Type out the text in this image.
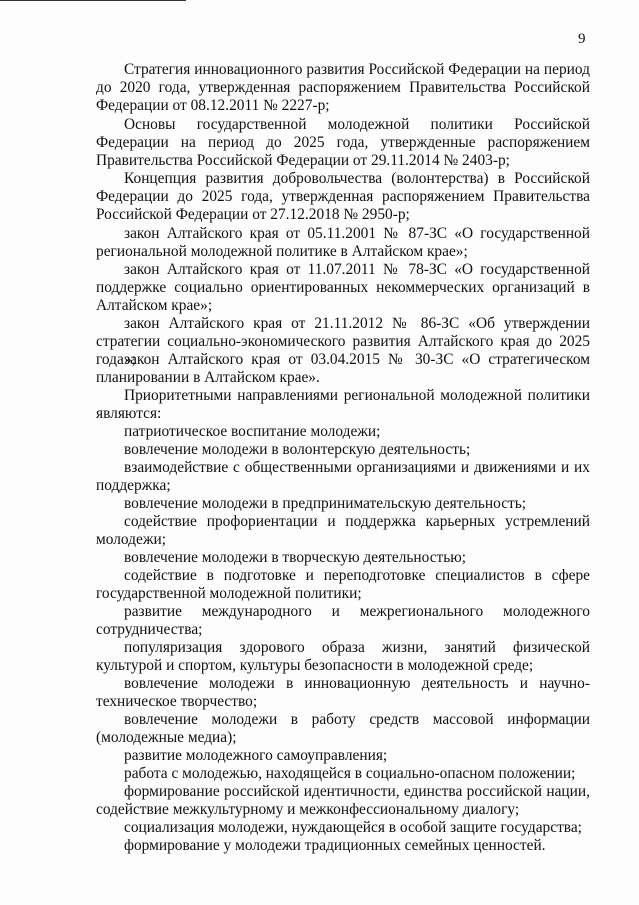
9

Стратегия инновационного развития Российской Федерации на период до 2020 года, утвержденная распоряжением Правительства Российской Федерации от 08.12.2011 № 2227-р;

Основы государственной молодежной политики Российской Федерации на период до 2025 года, утвержденные распоряжением Правительства Российской Федерации от 29.11.2014 № 2403-р;

Концепция развития добровольчества (волонтерства) в Российской Федерации до 2025 года, утвержденная распоряжением Правительства Российской Федерации от 27.12.2018 № 2950-р;

закон Алтайского края от 05.11.2001 № 87-ЗС «О государственной региональной молодежной политике в Алтайском крае»;

закон Алтайского края от 11.07.2011 № 78-ЗС «О государственной поддержке социально ориентированных некоммерческих организаций в Алтайском крае»;

закон Алтайского края от 21.11.2012 № 86-ЗС «Об утверждении стратегии социально-экономического развития Алтайского края до 2025 года»;

закон Алтайского края от 03.04.2015 № 30-ЗС «О стратегическом планировании в Алтайском крае».

Приоритетными направлениями региональной молодежной политики являются:

патриотическое воспитание молодежи;

вовлечение молодежи в волонтерскую деятельность;

взаимодействие с общественными организациями и движениями и их поддержка;

вовлечение молодежи в предпринимательскую деятельность;

содействие профориентации и поддержка карьерных устремлений молодежи;

вовлечение молодежи в творческую деятельностью;

содействие в подготовке и переподготовке специалистов в сфере государственной молодежной политики;

развитие международного и межрегионального молодежного сотрудничества;

популяризация здорового образа жизни, занятий физической культурой и спортом, культуры безопасности в молодежной среде;

вовлечение молодежи в инновационную деятельность и научно-техническое творчество;

вовлечение молодежи в работу средств массовой информации (молодежные медиа);

развитие молодежного самоуправления;

работа с молодежью, находящейся в социально-опасном положении;

формирование российской идентичности, единства российской нации, содействие межкультурному и межконфессиональному диалогу;

социализация молодежи, нуждающейся в особой защите государства;

формирование у молодежи традиционных семейных ценностей.
